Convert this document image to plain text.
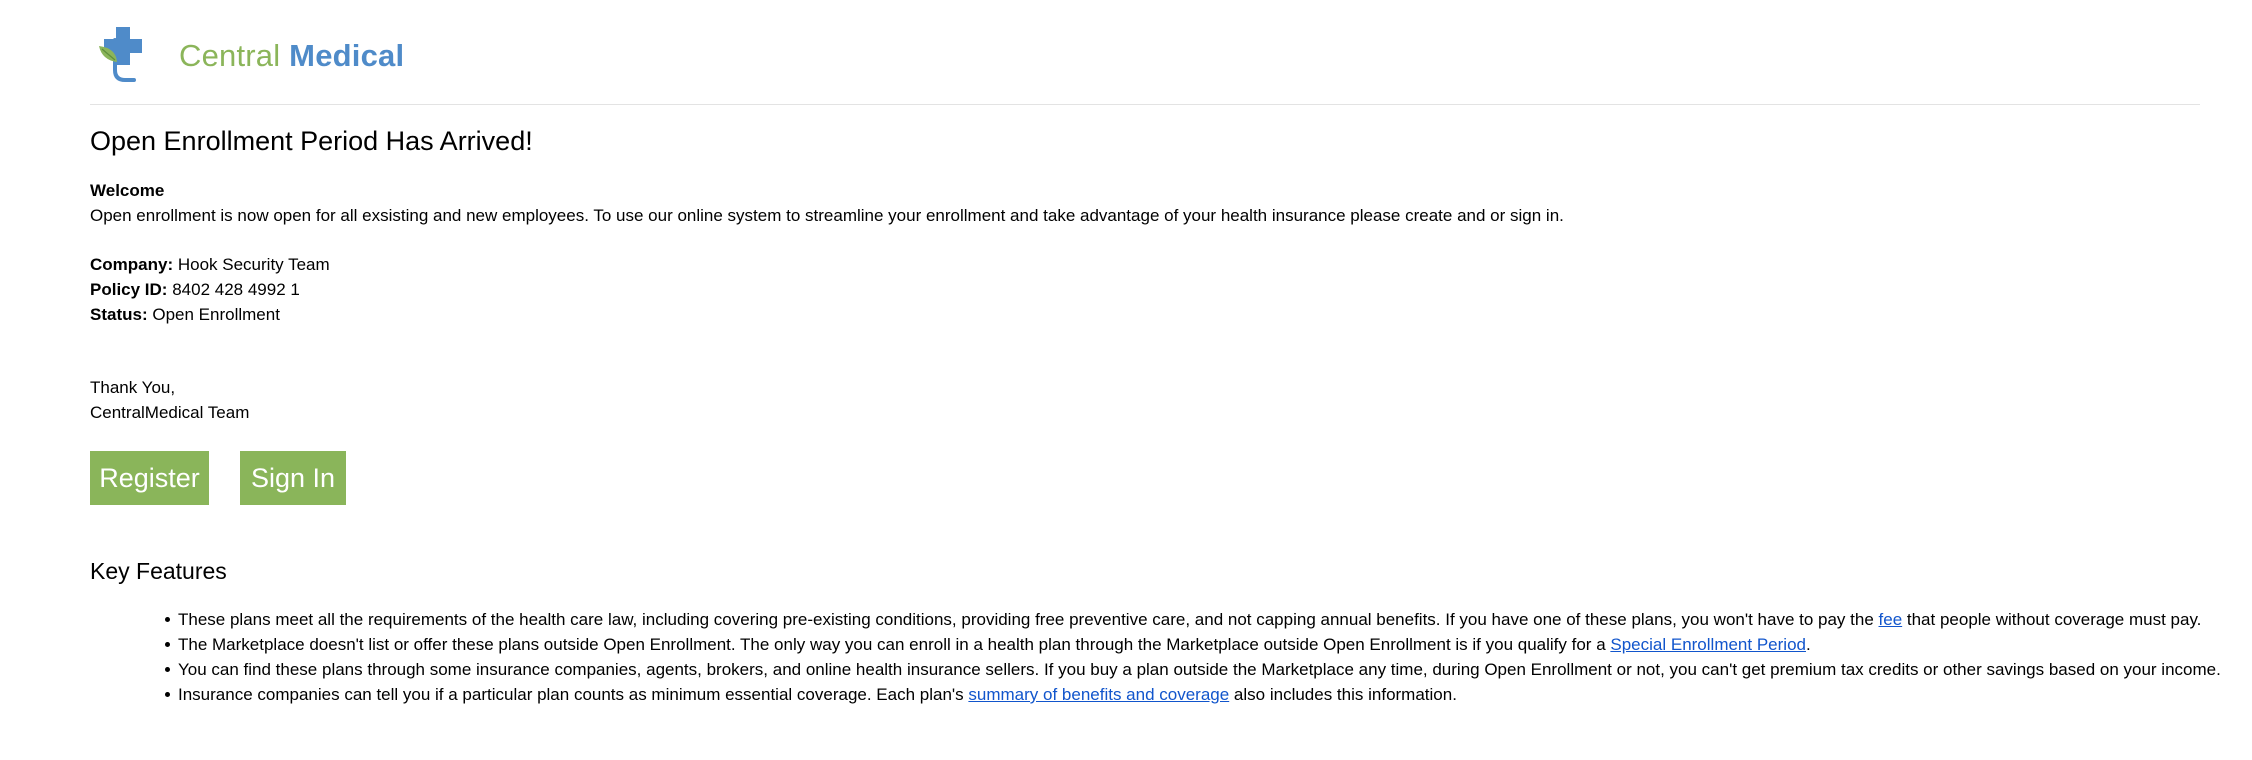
Central Medical
Open Enrollment Period Has Arrived!
Welcome
Open enrollment is now open for all exsisting and new employees. To use our online system to streamline your enrollment and take advantage of your health insurance please create and or sign in.
Company: Hook Security Team
Policy ID: 8402 428 4992 1
Status: Open Enrollment
Thank You,
CentralMedical Team
Register	Sign In
Key Features
These plans meet all the requirements of the health care law, including covering pre-existing conditions, providing free preventive care, and not capping annual benefits. If you have one of these plans, you won't have to pay the fee that people without coverage must pay.
The Marketplace doesn't list or offer these plans outside Open Enrollment. The only way you can enroll in a health plan through the Marketplace outside Open Enrollment is if you qualify for a Special Enrollment Period.
You can find these plans through some insurance companies, agents, brokers, and online health insurance sellers. If you buy a plan outside the Marketplace any time, during Open Enrollment or not, you can't get premium tax credits or other savings based on your income.
Insurance companies can tell you if a particular plan counts as minimum essential coverage. Each plan's summary of benefits and coverage also includes this information.
